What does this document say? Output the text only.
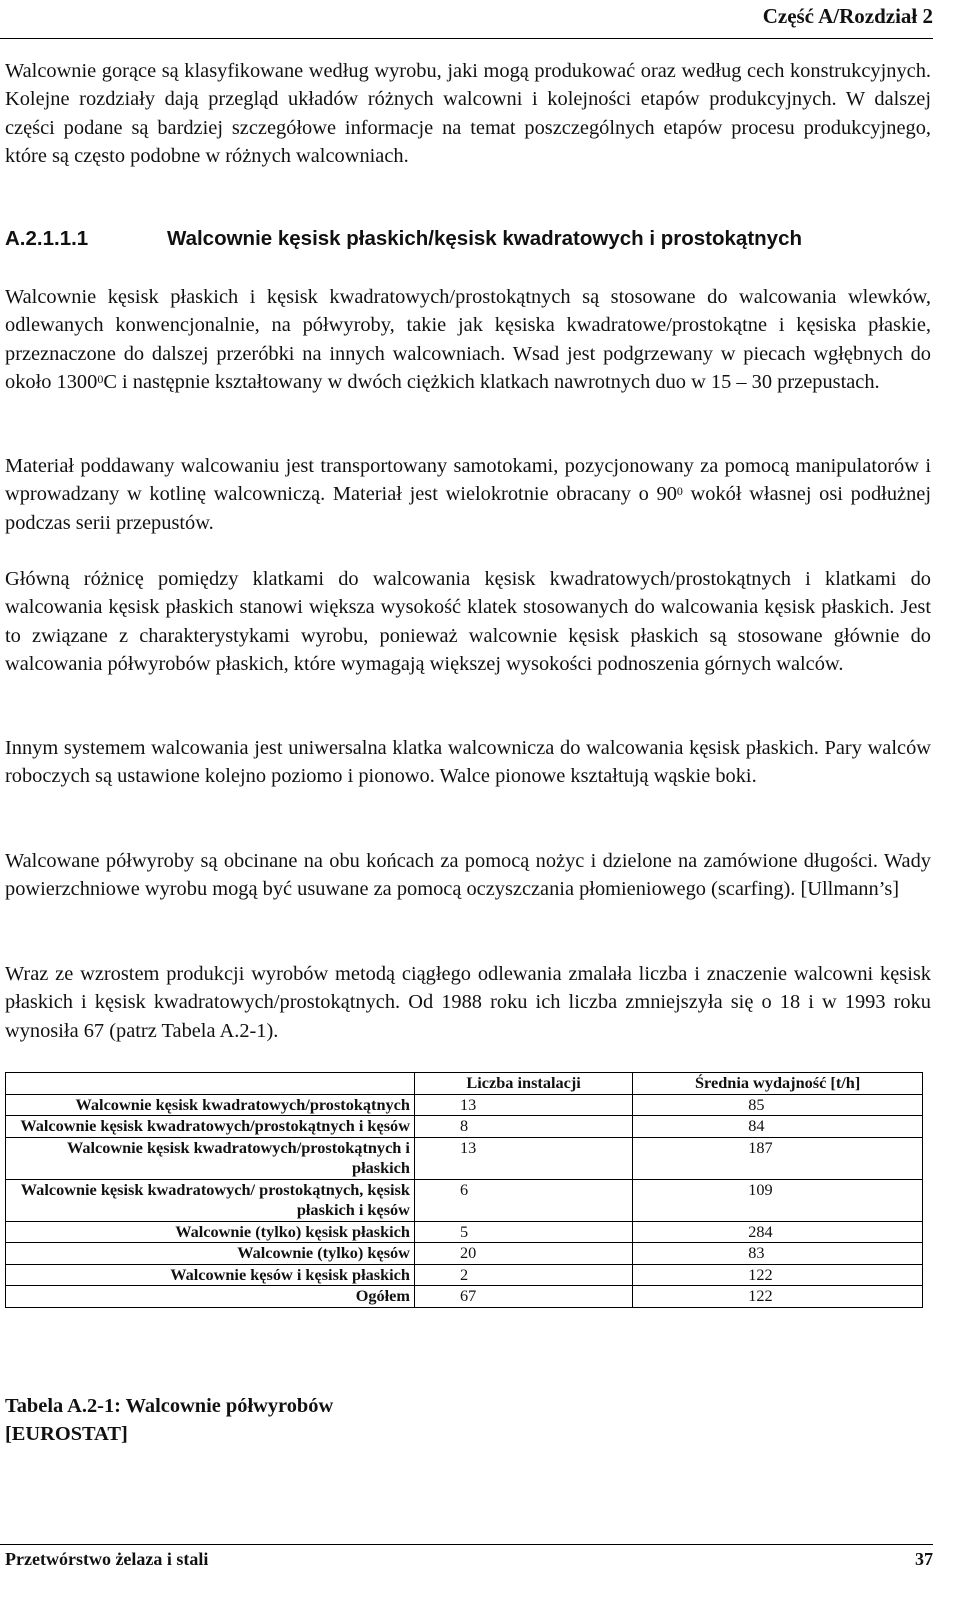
Część A/Rozdział 2

Walcownie gorące są klasyfikowane według wyrobu, jaki mogą produkować oraz według cech konstrukcyjnych. Kolejne rozdziały dają przegląd układów różnych walcowni i kolejności etapów produkcyjnych. W dalszej części podane są bardziej szczegółowe informacje na temat poszczególnych etapów procesu produkcyjnego, które są często podobne w różnych walcowniach.

A.2.1.1.1	Walcownie kęsisk płaskich/kęsisk kwadratowych i prostokątnych

Walcownie kęsisk płaskich i kęsisk kwadratowych/prostokątnych są stosowane do walcowania wlewków, odlewanych konwencjonalnie, na półwyroby, takie jak kęsiska kwadratowe/prostokątne i kęsiska płaskie, przeznaczone do dalszej przeróbki na innych walcowniach. Wsad jest podgrzewany w piecach wgłębnych do około 1300$^0$C i następnie kształtowany w dwóch ciężkich klatkach nawrotnych duo w 15 – 30 przepustach.

Materiał poddawany walcowaniu jest transportowany samotokami, pozycjonowany za pomocą manipulatorów i wprowadzany w kotlinę walcowniczą. Materiał jest wielokrotnie obracany o $90^0$ wokół własnej osi podłużnej podczas serii przepustów.

Główną różnicę pomiędzy klatkami do walcowania kęsisk kwadratowych/prostokątnych i klatkami do walcowania kęsisk płaskich stanowi większa wysokość klatek stosowanych do walcowania kęsisk płaskich. Jest to związane z charakterystykami wyrobu, ponieważ walcownie kęsisk płaskich są stosowane głównie do walcowania półwyrobów płaskich, które wymagają większej wysokości podnoszenia górnych walców.

Innym systemem walcowania jest uniwersalna klatka walcownicza do walcowania kęsisk płaskich. Pary walców roboczych są ustawione kolejno poziomo i pionowo. Walce pionowe kształtują wąskie boki.

Walcowane półwyroby są obcinane na obu końcach za pomocą nożyc i dzielone na zamówione długości. Wady powierzchniowe wyrobu mogą być usuwane za pomocą oczyszczania płomieniowego (scarfing). [Ullmann’s]

Wraz ze wzrostem produkcji wyrobów metodą ciągłego odlewania zmalała liczba i znaczenie walcowni kęsisk płaskich i kęsisk kwadratowych/prostokątnych. Od 1988 roku ich liczba zmniejszyła się o 18 i w 1993 roku wynosiła 67 (patrz Tabela A.2-1).

	Liczba instalacji	Średnia wydajność [t/h]
Walcownie kęsisk kwadratowych/prostokątnych	13	85
Walcownie kęsisk kwadratowych/prostokątnych i kęsów	8	84
Walcownie kęsisk kwadratowych/prostokątnych i płaskich	13	187
Walcownie kęsisk kwadratowych/ prostokątnych, kęsisk płaskich i kęsów	6	109
Walcownie (tylko) kęsisk płaskich	5	284
Walcownie (tylko) kęsów	20	83
Walcownie kęsów i kęsisk płaskich	2	122
Ogółem	67	122
Tabela A.2-1: Walcownie półwyrobów [EUROSTAT]
Przetwórstwo żelaza i stali	37
